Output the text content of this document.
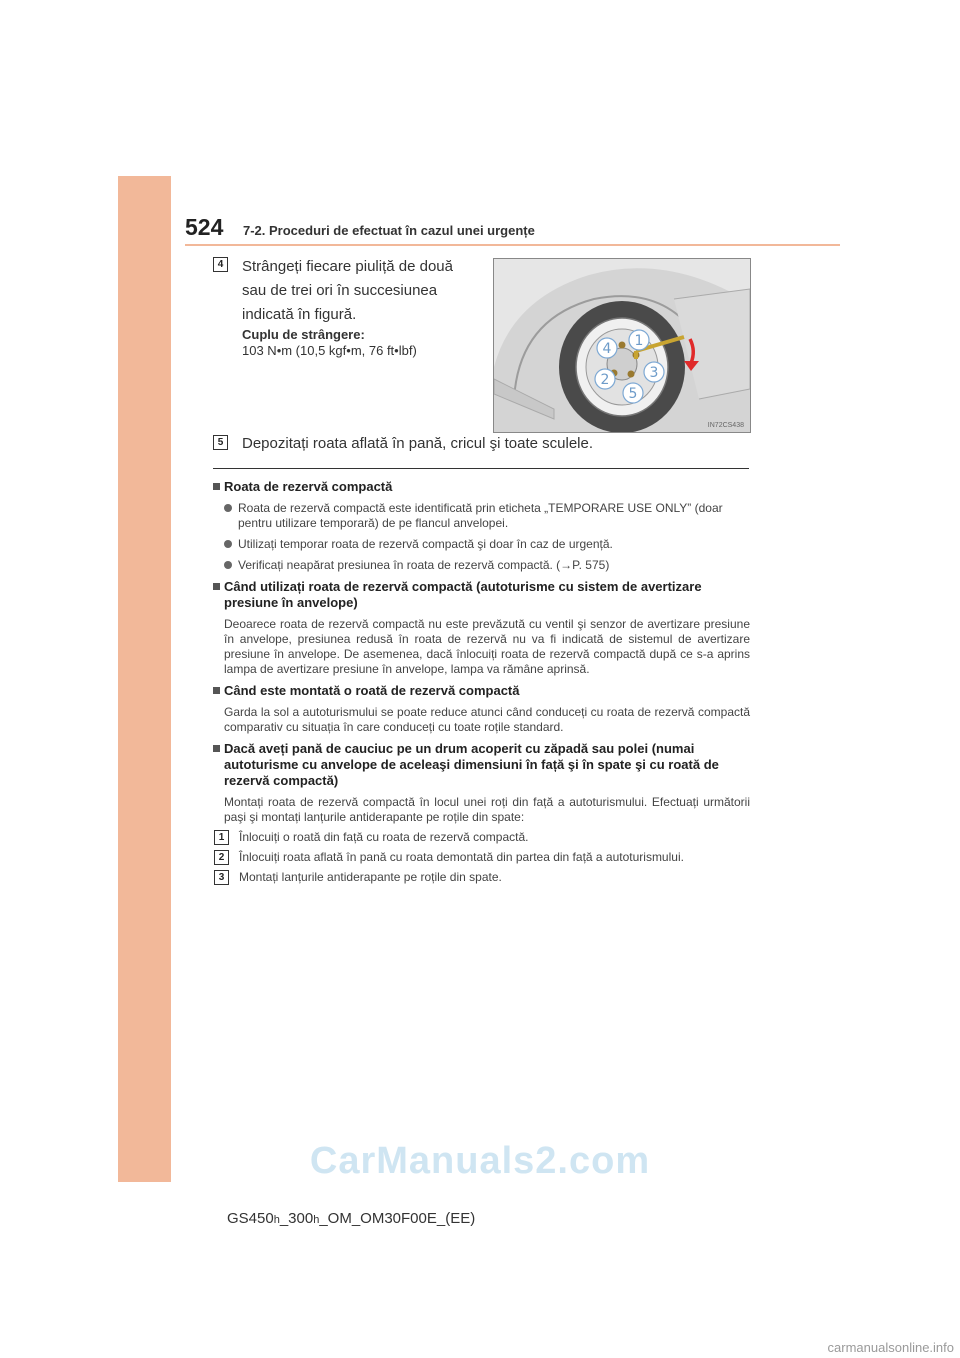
524 7-2. Proceduri de efectuat în cazul unei urgențe
4	Strângeți fiecare piuliță de două sau de trei ori în succesiunea indicată în figură.
Cuplu de strângere:
103 N•m (10,5 kgf•m, 76 ft•lbf)
1
2	3
4
5
IN72CS438
5	Depozitați roata aflată în pană, cricul şi toate sculele.
Roata de rezervă compactă
Roata de rezervă compactă este identificată prin eticheta „TEMPORARE USE ONLY” (doar pentru utilizare temporară) de pe flancul anvelopei.
Utilizați temporar roata de rezervă compactă şi doar în caz de urgență.
Verificați neapărat presiunea în roata de rezervă compactă. (→P. 575)
Când utilizați roata de rezervă compactă (autoturisme cu sistem de avertizare presiune în anvelope)
Deoarece roata de rezervă compactă nu este prevăzută cu ventil şi senzor de avertizare presiune în anvelope, presiunea redusă în roata de rezervă nu va fi indicată de sistemul de avertizare presiune în anvelope. De asemenea, dacă înlocuiți roata de rezervă compactă după ce s-a aprins lampa de avertizare presiune în anvelope, lampa va rămâne aprinsă.
Când este montată o roată de rezervă compactă
Garda la sol a autoturismului se poate reduce atunci când conduceți cu roata de rezervă compactă comparativ cu situația în care conduceți cu toate roțile standard.
Dacă aveți pană de cauciuc pe un drum acoperit cu zăpadă sau polei (numai autoturisme cu anvelope de aceleaşi dimensiuni în față şi în spate şi cu roată de rezervă compactă)
Montați roata de rezervă compactă în locul unei roți din față a autoturismului. Efectuați următorii paşi şi montați lanțurile antiderapante pe roțile din spate:
1	Înlocuiți o roată din față cu roata de rezervă compactă.
2	Înlocuiți roata aflată în pană cu roata demontată din partea din față a autoturismului.
3	Montați lanțurile antiderapante pe roțile din spate.
CarManuals2.com
GS450h_300h_OM_OM30F00E_(EE)
carmanualsonline.info
